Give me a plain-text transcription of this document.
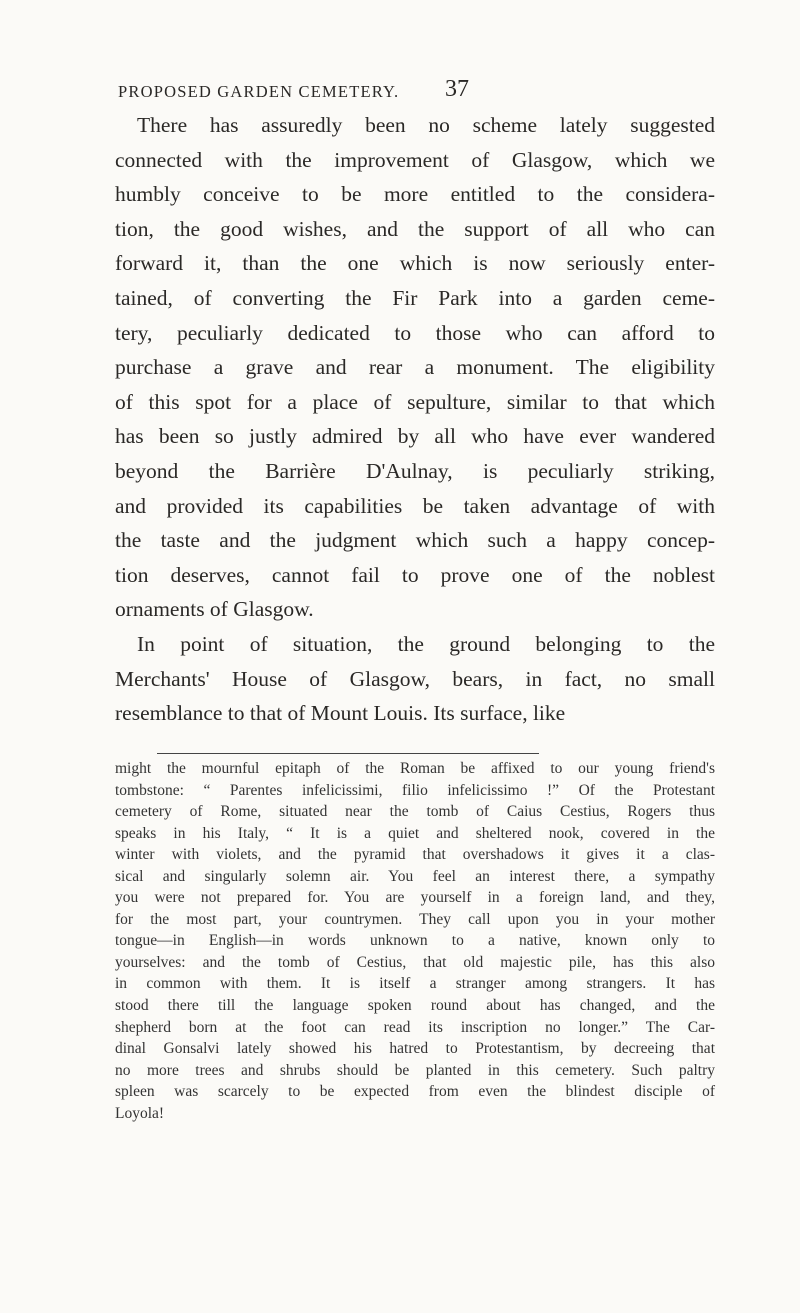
PROPOSED GARDEN CEMETERY.	37
There has assuredly been no scheme lately suggested
connected with the improvement of Glasgow, which we
humbly conceive to be more entitled to the considera-
tion, the good wishes, and the support of all who can
forward it, than the one which is now seriously enter-
tained, of converting the Fir Park into a garden ceme-
tery, peculiarly dedicated to those who can afford to
purchase a grave and rear a monument. The eligibility
of this spot for a place of sepulture, similar to that which
has been so justly admired by all who have ever wandered
beyond the Barrière D'Aulnay, is peculiarly striking,
and provided its capabilities be taken advantage of with
the taste and the judgment which such a happy concep-
tion deserves, cannot fail to prove one of the noblest
ornaments of Glasgow.
In point of situation, the ground belonging to the
Merchants' House of Glasgow, bears, in fact, no small
resemblance to that of Mount Louis. Its surface, like
might the mournful epitaph of the Roman be affixed to our young friend's
tombstone: “ Parentes infelicissimi, filio infelicissimo !” Of the Protestant
cemetery of Rome, situated near the tomb of Caius Cestius, Rogers thus
speaks in his Italy, “ It is a quiet and sheltered nook, covered in the
winter with violets, and the pyramid that overshadows it gives it a clas-
sical and singularly solemn air. You feel an interest there, a sympathy
you were not prepared for. You are yourself in a foreign land, and they,
for the most part, your countrymen. They call upon you in your mother
tongue—in English—in words unknown to a native, known only to
yourselves: and the tomb of Cestius, that old majestic pile, has this also
in common with them. It is itself a stranger among strangers. It has
stood there till the language spoken round about has changed, and the
shepherd born at the foot can read its inscription no longer.” The Car-
dinal Gonsalvi lately showed his hatred to Protestantism, by decreeing that
no more trees and shrubs should be planted in this cemetery. Such paltry
spleen was scarcely to be expected from even the blindest disciple of
Loyola!
